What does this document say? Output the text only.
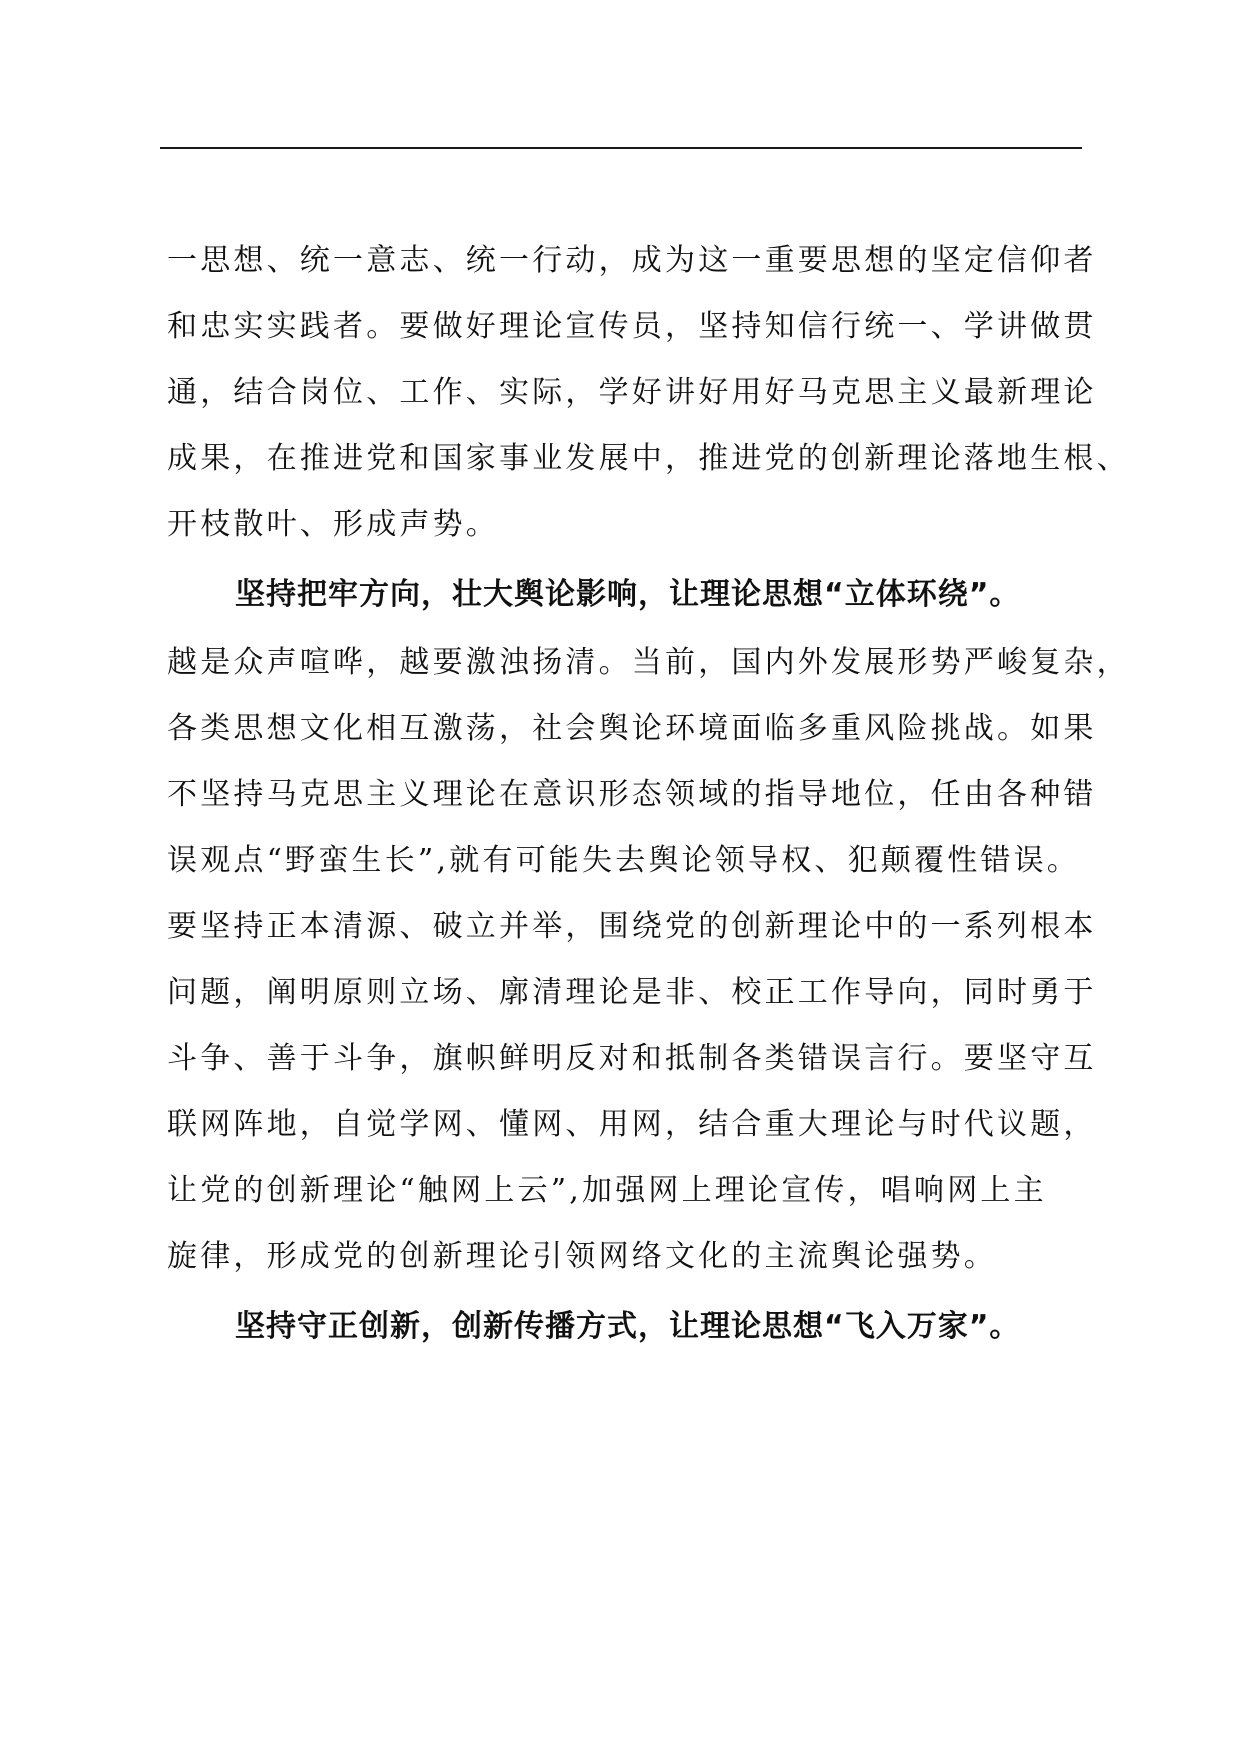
一思想、统一意志、统一行动，成为这一重要思想的坚定信仰者
和忠实实践者。要做好理论宣传员，坚持知信行统一、学讲做贯
通，结合岗位、工作、实际，学好讲好用好马克思主义最新理论
成果，在推进党和国家事业发展中，推进党的创新理论落地生根、
开枝散叶、形成声势。
坚持把牢方向，壮大舆论影响，让理论思想“立体环绕”。
越是众声喧哗，越要激浊扬清。当前，国内外发展形势严峻复杂，
各类思想文化相互激荡，社会舆论环境面临多重风险挑战。如果
不坚持马克思主义理论在意识形态领域的指导地位，任由各种错
误观点“野蛮生长”,就有可能失去舆论领导权、犯颠覆性错误。
要坚持正本清源、破立并举，围绕党的创新理论中的一系列根本
问题，阐明原则立场、廓清理论是非、校正工作导向，同时勇于
斗争、善于斗争，旗帜鲜明反对和抵制各类错误言行。要坚守互
联网阵地，自觉学网、懂网、用网，结合重大理论与时代议题，
让党的创新理论“触网上云”,加强网上理论宣传，唱响网上主
旋律，形成党的创新理论引领网络文化的主流舆论强势。
坚持守正创新，创新传播方式，让理论思想“飞入万家”。
